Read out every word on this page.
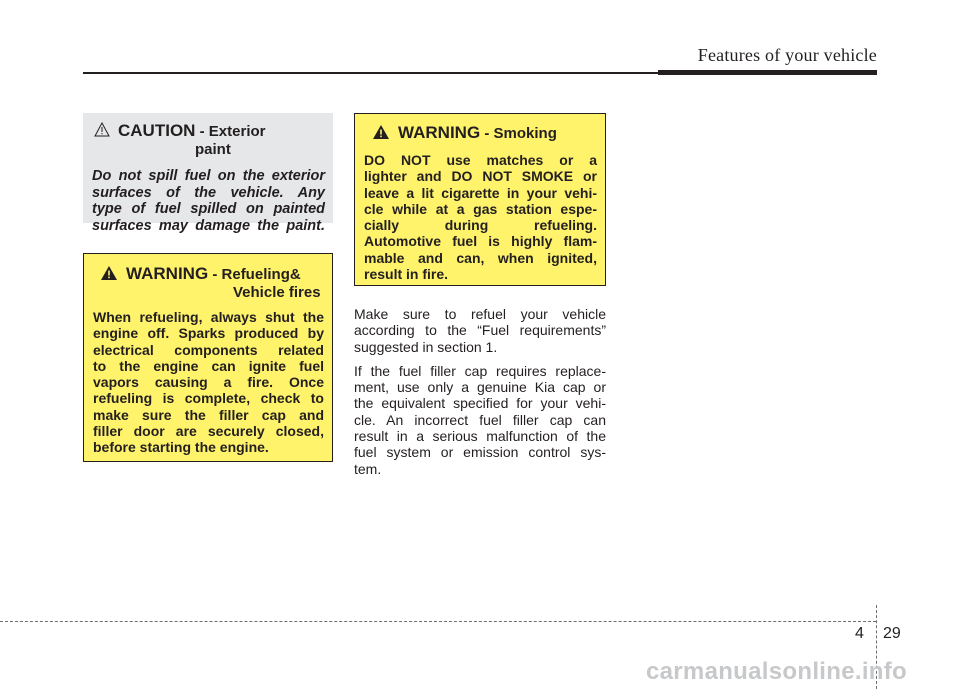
Features of your vehicle
CAUTION - Exterior
paint
Do not spill fuel on the exterior
surfaces of the vehicle. Any
type of fuel spilled on painted
surfaces may damage the paint.
WARNING - Refueling&
Vehicle fires
When refueling, always shut the
engine off. Sparks produced by
electrical components related
to the engine can ignite fuel
vapors causing a fire. Once
refueling is complete, check to
make sure the filler cap and
filler door are securely closed,
before starting the engine.
WARNING - Smoking
DO NOT use matches or a
lighter and DO NOT SMOKE or
leave a lit cigarette in your vehi-
cle while at a gas station espe-
cially during refueling.
Automotive fuel is highly flam-
mable and can, when ignited,
result in fire.

Make sure to refuel your vehicle
according to the “Fuel requirements”
suggested in section 1.

If the fuel filler cap requires replace-
ment, use only a genuine Kia cap or
the equivalent specified for your vehi-
cle. An incorrect fuel filler cap can
result in a serious malfunction of the
fuel system or emission control sys-
tem.

4 29
carmanualsonline.info
